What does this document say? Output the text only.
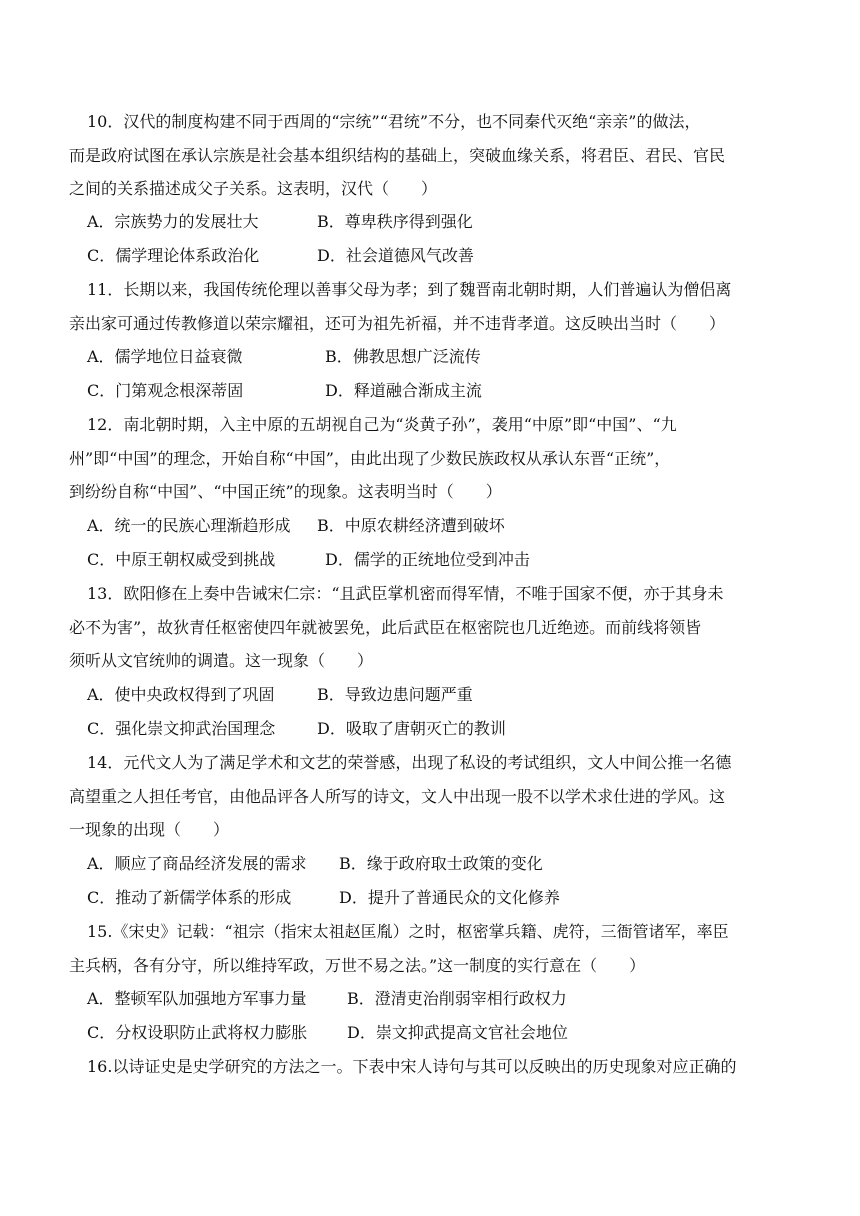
10．汉代的制度构建不同于西周的“宗统”“君统”不分，也不同秦代灭绝“亲亲”的做法，
而是政府试图在承认宗族是社会基本组织结构的基础上，突破血缘关系，将君臣、君民、官民
之间的关系描述成父子关系。这表明，汉代（　　）
A．宗族势力的发展壮大	B．尊卑秩序得到强化
C．儒学理论体系政治化	D．社会道德风气改善
11．长期以来，我国传统伦理以善事父母为孝；到了魏晋南北朝时期，人们普遍认为僧侣离
亲出家可通过传教修道以荣宗耀祖，还可为祖先祈福，并不违背孝道。这反映出当时（　　）
A．儒学地位日益衰微	B．佛教思想广泛流传
C．门第观念根深蒂固	D．释道融合渐成主流
12．南北朝时期，入主中原的五胡视自己为“炎黄子孙”，袭用“中原”即“中国”、“九
州”即“中国”的理念，开始自称“中国”，由此出现了少数民族政权从承认东晋“正统”，
到纷纷自称“中国”、“中国正统”的现象。这表明当时（　　）
A．统一的民族心理渐趋形成 B．中原农耕经济遭到破坏
C．中原王朝权威受到挑战	D．儒学的正统地位受到冲击
13．欧阳修在上奏中告诫宋仁宗：“且武臣掌机密而得军情，不唯于国家不便，亦于其身未
必不为害”，故狄青任枢密使四年就被罢免，此后武臣在枢密院也几近绝迹。而前线将领皆
须听从文官统帅的调遣。这一现象（　　）
A．使中央政权得到了巩固	B．导致边患问题严重
C．强化崇文抑武治国理念	D．吸取了唐朝灭亡的教训
14．元代文人为了满足学术和文艺的荣誉感，出现了私设的考试组织，文人中间公推一名德
高望重之人担任考官，由他品评各人所写的诗文，文人中出现一股不以学术求仕进的学风。这
一现象的出现（　　）
A．顺应了商品经济发展的需求 B．缘于政府取士政策的变化
C．推动了新儒学体系的形成	D．提升了普通民众的文化修养
15.《宋史》记载：“祖宗（指宋太祖赵匡胤）之时，枢密掌兵籍、虎符，三衙管诸军，率臣
主兵柄，各有分守，所以维持军政，万世不易之法。”这一制度的实行意在（　　）
A．整顿军队加强地方军事力量	B．澄清吏治削弱宰相行政权力
C．分权设职防止武将权力膨胀 D．崇文抑武提高文官社会地位
16.以诗证史是史学研究的方法之一。下表中宋人诗句与其可以反映出的历史现象对应正确的
